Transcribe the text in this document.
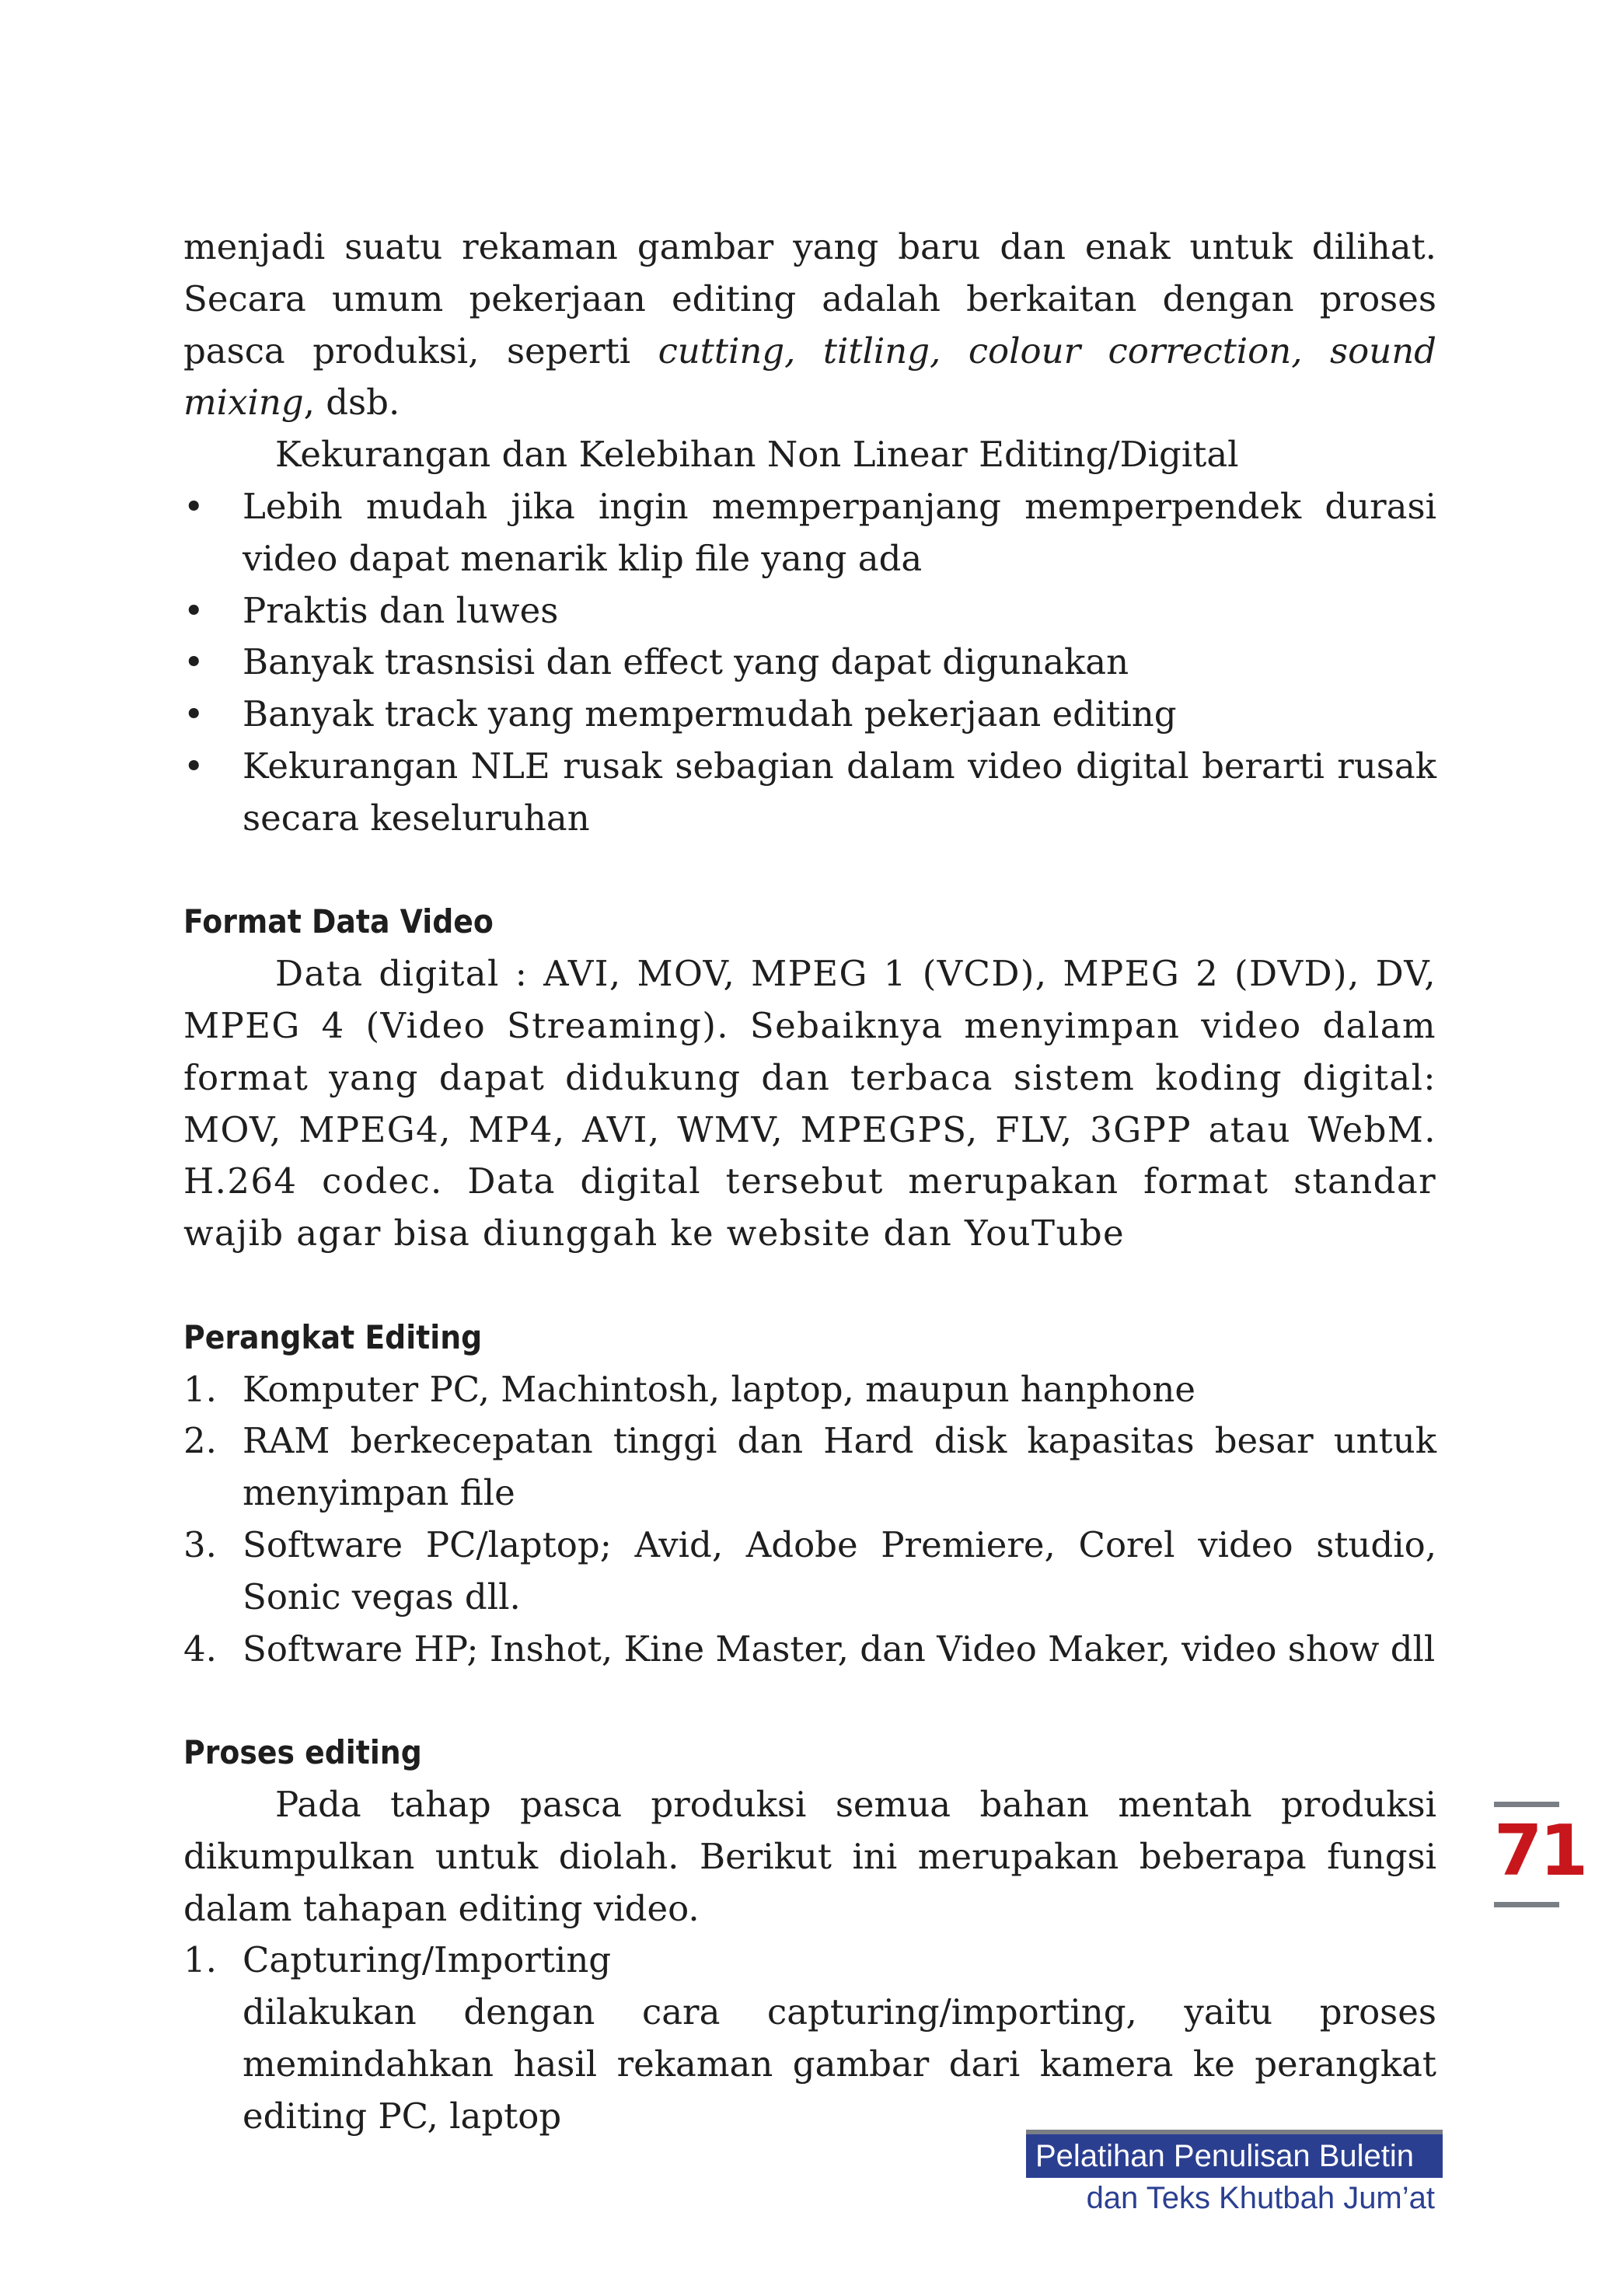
menjadi suatu rekaman gambar yang baru dan enak untuk dilihat. Secara umum pekerjaan editing adalah berkaitan dengan proses pasca produksi, seperti cutting, titling, colour correction, sound mixing, dsb.

Kekurangan dan Kelebihan Non Linear Editing/Digital

• Lebih mudah jika ingin memperpanjang memperpendek durasi video dapat menarik klip file yang ada
• Praktis dan luwes
• Banyak trasnsisi dan effect yang dapat digunakan
• Banyak track yang mempermudah pekerjaan editing
• Kekurangan NLE rusak sebagian dalam video digital berarti rusak secara keseluruhan
Format Data Video

Data digital : AVI, MOV, MPEG 1 (VCD), MPEG 2 (DVD), DV, MPEG 4 (Video Streaming). Sebaiknya menyimpan video dalam format yang dapat didukung dan terbaca sistem koding digital: MOV, MPEG4, MP4, AVI, WMV, MPEGPS, FLV, 3GPP atau WebM. H.264 codec. Data digital tersebut merupakan format standar wajib agar bisa diunggah ke website dan YouTube

Perangkat Editing
1. Komputer PC, Machintosh, laptop, maupun hanphone
2. RAM berkecepatan tinggi dan Hard disk kapasitas besar untuk menyimpan file
3. Software PC/laptop; Avid, Adobe Premiere, Corel video studio, Sonic vegas dll.
4. Software HP; Inshot, Kine Master, dan Video Maker, video show dll
Proses editing

Pada tahap pasca produksi semua bahan mentah produksi dikumpulkan untuk diolah. Berikut ini merupakan beberapa fungsi dalam tahapan editing video.

1. Capturing/Importing

dilakukan dengan cara capturing/importing, yaitu proses memindahkan hasil rekaman gambar dari kamera ke perangkat editing PC, laptop

71
Pelatihan Penulisan Buletin
dan Teks Khutbah Jum’at
